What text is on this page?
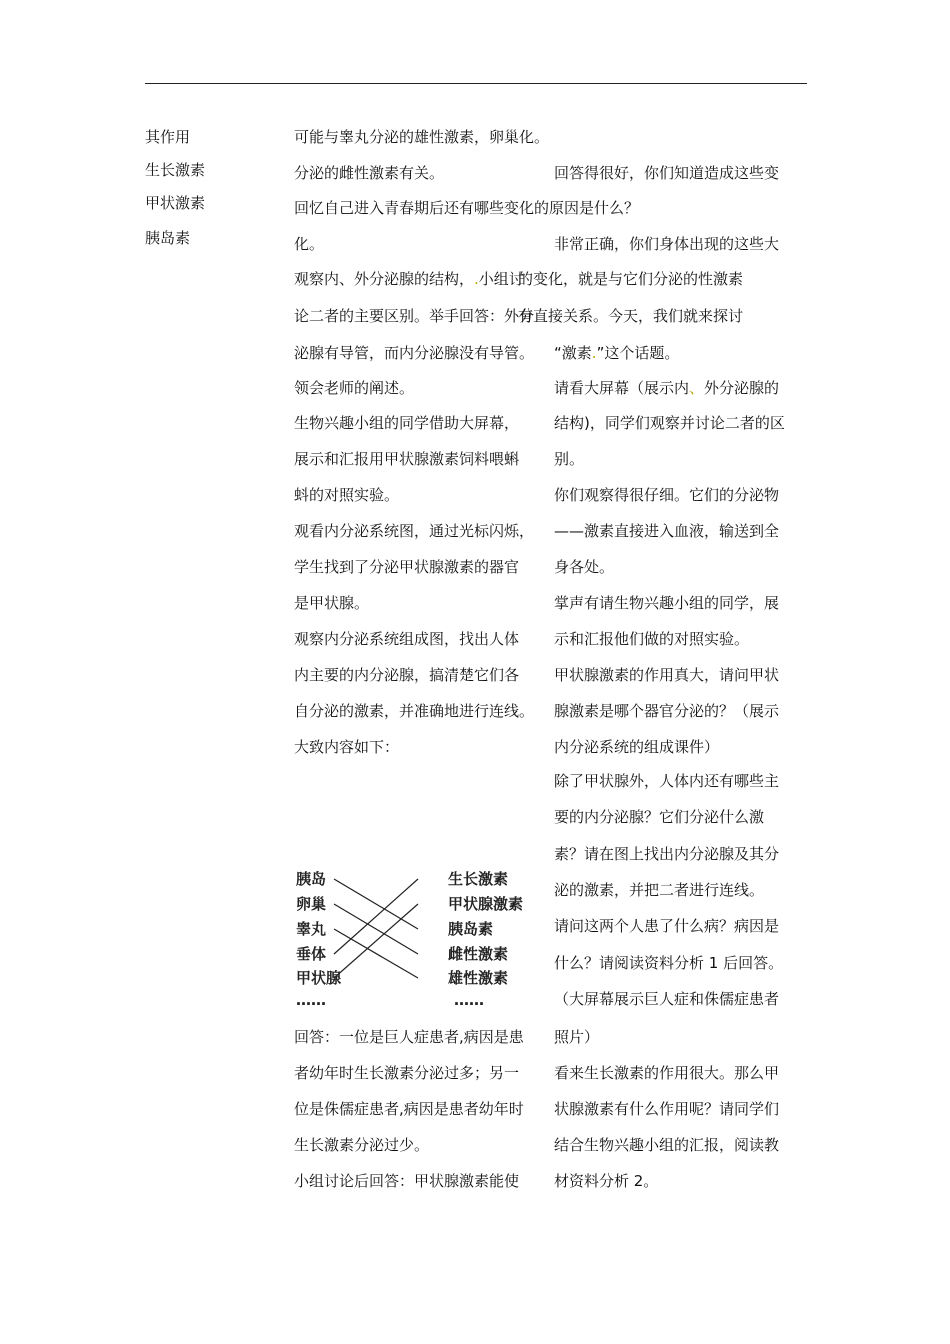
其作用
生长激素
甲状激素
胰岛素
可能与睾丸分泌的雄性激素，卵巢化。
分泌的雌性激素有关。
回忆自己进入青春期后还有哪些变化的原因是什么？
化。
观察内、外分泌腺的结构，.小组讨
论二者的主要区别。举手回答：外分
泌腺有导管，而内分泌腺没有导管。
领会老师的阐述。
生物兴趣小组的同学借助大屏幕，
展示和汇报用甲状腺激素饲料喂蝌
蚪的对照实验。
观看内分泌系统图，通过光标闪烁，
学生找到了分泌甲状腺激素的器官
是甲状腺。
观察内分泌系统组成图，找出人体
内主要的内分泌腺，搞清楚它们各
自分泌的激素，并准确地进行连线。
大致内容如下：
胰岛
卵巢
睾丸
垂体
甲状腺
……
生长激素
甲状腺激素
胰岛素
雌性激素
雄性激素
……
回答：一位是巨人症患者,病因是患
者幼年时生长激素分泌过多；另一
位是侏儒症患者,病因是患者幼年时
生长激素分泌过少。
小组讨论后回答：甲状腺激素能使
回答得很好，你们知道造成这些变
非常正确，你们身体出现的这些大
的变化，就是与它们分泌的性激素
有直接关系。今天，我们就来探讨
“激素.”这个话题。
请看大屏幕（展示内、外分泌腺的
结构)，同学们观察并讨论二者的区
别。
你们观察得很仔细。它们的分泌物
——激素直接进入血液，输送到全
身各处。
掌声有请生物兴趣小组的同学，展
示和汇报他们做的对照实验。
甲状腺激素的作用真大，请问甲状
腺激素是哪个器官分泌的？（展示
内分泌系统的组成课件）
除了甲状腺外，人体内还有哪些主
要的内分泌腺？它们分泌什么激
素？请在图上找出内分泌腺及其分
泌的激素，并把二者进行连线。
请问这两个人患了什么病？病因是
什么？请阅读资料分析 1 后回答。
（大屏幕展示巨人症和侏儒症患者
照片）
看来生长激素的作用很大。那么甲
状腺激素有什么作用呢？请同学们
结合生物兴趣小组的汇报，阅读教
材资料分析 2。
